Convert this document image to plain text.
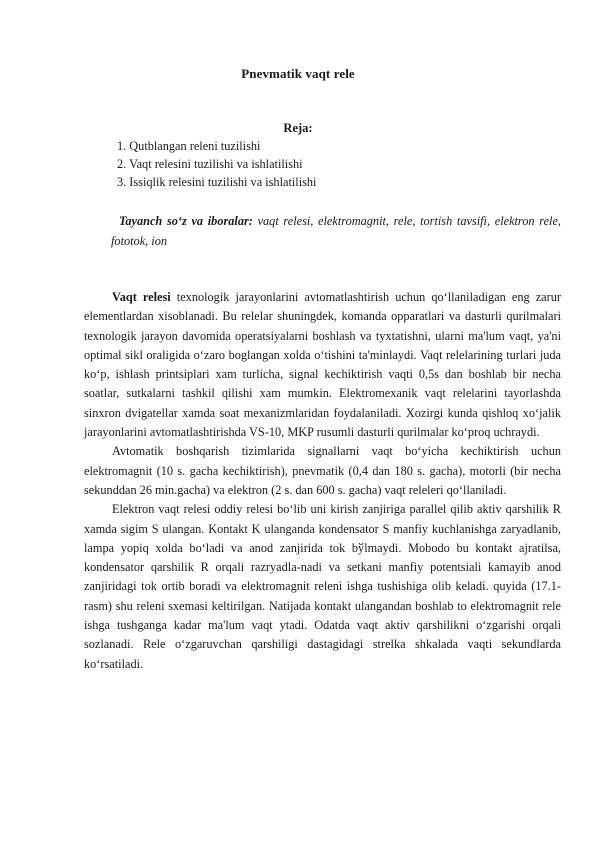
Pnevmatik vaqt rele
Reja:
1. Qutblangan releni tuzilishi
2. Vaqt relesini tuzilishi va ishlatilishi
3. Issiqlik relesini tuzilishi va ishlatilishi
Tayanch so‘z va iboralar: vaqt relesi, elektromagnit, rele, tortish tavsifi, elektron rele, fototok, ion

Vaqt relesi texnologik jarayonlarini avtomatlashtirish uchun qo‘llaniladigan eng zarur elementlardan xisoblanadi. Bu relelar shuningdek, komanda opparatlari va dasturli qurilmalari texnologik jarayon davomida operatsiyalarni boshlash va tyxtatishni, ularni ma'lum vaqt, ya'ni optimal sikl oraligida o‘zaro boglangan xolda o‘tishini ta'minlaydi. Vaqt relelarining turlari juda ko‘p, ishlash printsiplari xam turlicha, signal kechiktirish vaqti 0,5s dan boshlab bir necha soatlar, sutkalarni tashkil qilishi xam mumkin. Elektromexanik vaqt relelarini tayorlashda sinxron dvigatellar xamda soat mexanizmlaridan foydalaniladi. Xozirgi kunda qishloq xo‘jalik jarayonlarini avtomatlashtirishda VS-10, MKP rusumli dasturli qurilmalar ko‘proq uchraydi.

Avtomatik boshqarish tizimlarida signallarni vaqt bo‘yicha kechiktirish uchun elektromagnit (10 s. gacha kechiktirish), pnevmatik (0,4 dan 180 s. gacha), motorli (bir necha sekunddan 26 min.gacha) va elektron (2 s. dan 600 s. gacha) vaqt releleri qo‘llaniladi.

Elektron vaqt relesi oddiy relesi bo‘lib uni kirish zanjiriga parallel qilib aktiv qarshilik R xamda sigim S ulangan. Kontakt K ulanganda kondensator S manfiy kuchlanishga zaryadlanib, lampa yopiq xolda bo‘ladi va anod zanjirida tok bўlmaydi. Mobodo bu kontakt ajratilsa, kondensator qarshilik R orqali razryadla-nadi va setkani manfiy potentsiali kamayib anod zanjiridagi tok ortib boradi va elektromagnit releni ishga tushishiga olib keladi. quyida (17.1-rasm) shu releni sxemasi keltirilgan. Natijada kontakt ulangandan boshlab to elektromagnit rele ishga tushganga kadar ma'lum vaqt ytadi. Odatda vaqt aktiv qarshilikni o‘zgarishi orqali sozlanadi. Rele o‘zgaruvchan qarshiligi dastagidagi strelka shkalada vaqti sekundlarda ko‘rsatiladi.
